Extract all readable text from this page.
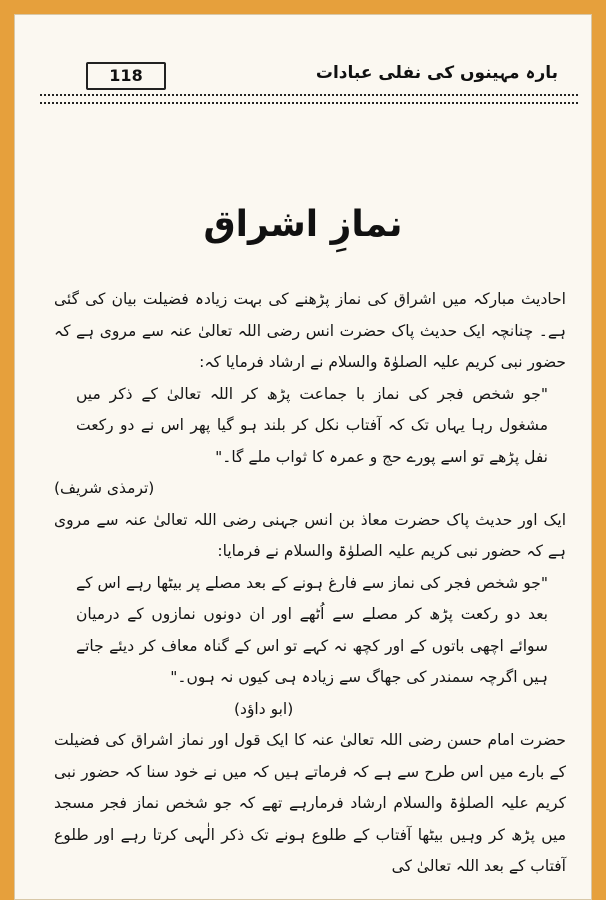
118	بارہ مہینوں کی نفلی عبادات
نمازِ اشراق

احادیث مبارکہ میں اشراق کی نماز پڑھنے کی بہت زیادہ فضیلت بیان کی گئی ہے۔ چنانچہ ایک حدیث پاک حضرت انس رضی اللہ تعالیٰ عنہ سے مروی ہے کہ حضور نبی کریم علیہ الصلوٰۃ والسلام نے ارشاد فرمایا کہ:

"جو شخص فجر کی نماز با جماعت پڑھ کر اللہ تعالیٰ کے ذکر میں مشغول رہا یہاں تک کہ آفتاب نکل کر بلند ہو گیا پھر اس نے دو رکعت نفل پڑھے تو اسے پورے حج و عمرہ کا ثواب ملے گا۔"

(ترمذی شریف)

ایک اور حدیث پاک حضرت معاذ بن انس جہنی رضی اللہ تعالیٰ عنہ سے مروی ہے کہ حضور نبی کریم علیہ الصلوٰۃ والسلام نے فرمایا:

"جو شخص فجر کی نماز سے فارغ ہونے کے بعد مصلے پر بیٹھا رہے اس کے بعد دو رکعت پڑھ کر مصلے سے اُٹھے اور ان دونوں نمازوں کے درمیان سوائے اچھی باتوں کے اور کچھ نہ کہے تو اس کے گناہ معاف کر دیئے جاتے ہیں اگرچہ سمندر کی جھاگ سے زیادہ ہی کیوں نہ ہوں۔"

(ابو داؤد)

حضرت امام حسن رضی اللہ تعالیٰ عنہ کا ایک قول اور نماز اشراق کی فضیلت کے بارے میں اس طرح سے ہے کہ فرماتے ہیں کہ میں نے خود سنا کہ حضور نبی کریم علیہ الصلوٰۃ والسلام ارشاد فرمارہے تھے کہ جو شخص نماز فجر مسجد میں پڑھ کر وہیں بیٹھا آفتاب کے طلوع ہونے تک ذکر الٰہی کرتا رہے اور طلوع آفتاب کے بعد اللہ تعالیٰ کی
